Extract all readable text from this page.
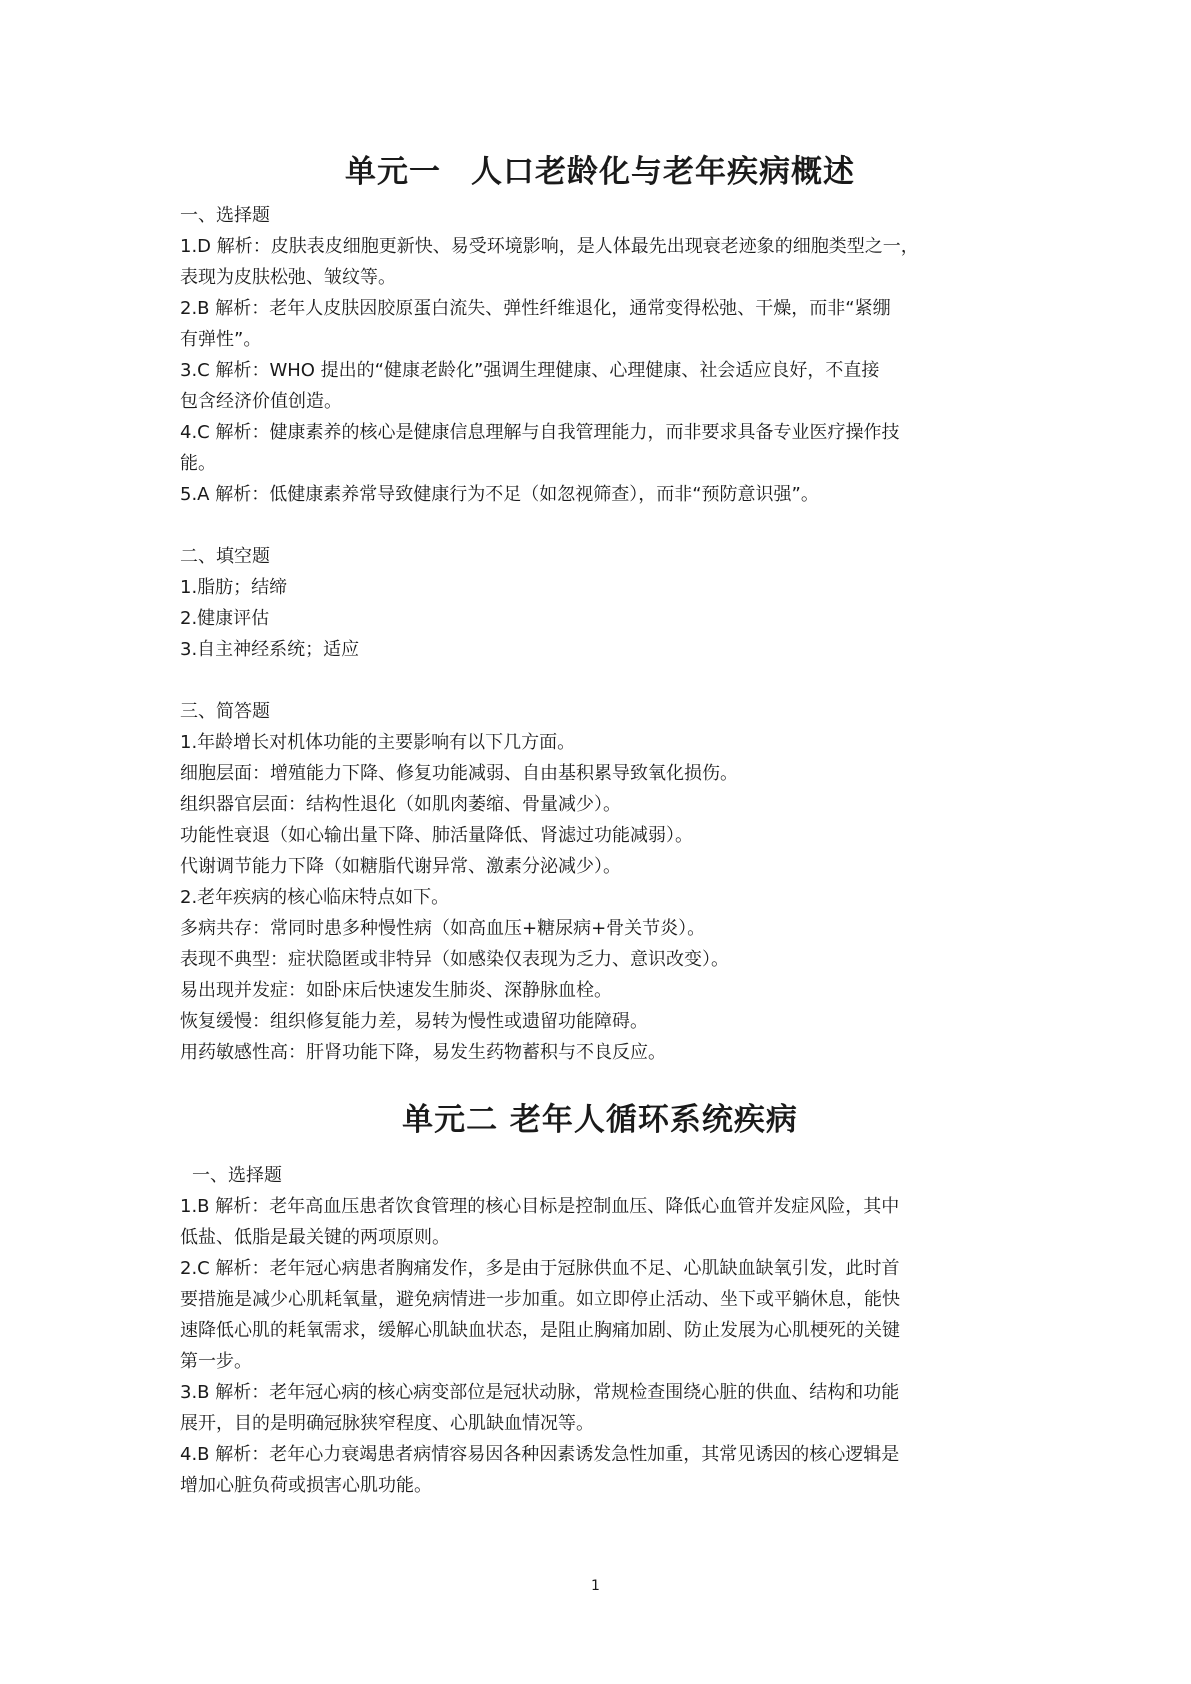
单元一 人口老龄化与老年疾病概述

一、选择题

1.D 解析：皮肤表皮细胞更新快、易受环境影响，是人体最先出现衰老迹象的细胞类型之一，

表现为皮肤松弛、皱纹等。

2.B 解析：老年人皮肤因胶原蛋白流失、弹性纤维退化，通常变得松弛、干燥，而非“紧绷

有弹性”。

3.C 解析：WHO 提出的“健康老龄化”强调生理健康、心理健康、社会适应良好，不直接

包含经济价值创造。

4.C 解析：健康素养的核心是健康信息理解与自我管理能力，而非要求具备专业医疗操作技

能。

5.A 解析：低健康素养常导致健康行为不足（如忽视筛查），而非“预防意识强”。

二、填空题

1.脂肪；结缔

2.健康评估

3.自主神经系统；适应

三、简答题

1.年龄增长对机体功能的主要影响有以下几方面。

细胞层面：增殖能力下降、修复功能减弱、自由基积累导致氧化损伤。

组织器官层面：结构性退化（如肌肉萎缩、骨量减少）。

功能性衰退（如心输出量下降、肺活量降低、肾滤过功能减弱）。

代谢调节能力下降（如糖脂代谢异常、激素分泌减少）。

2.老年疾病的核心临床特点如下。

多病共存：常同时患多种慢性病（如高血压+糖尿病+骨关节炎）。

表现不典型：症状隐匿或非特异（如感染仅表现为乏力、意识改变）。

易出现并发症：如卧床后快速发生肺炎、深静脉血栓。

恢复缓慢：组织修复能力差，易转为慢性或遗留功能障碍。

用药敏感性高：肝肾功能下降，易发生药物蓄积与不良反应。

单元二 老年人循环系统疾病

一、选择题

1.B 解析：老年高血压患者饮食管理的核心目标是控制血压、降低心血管并发症风险，其中

低盐、低脂是最关键的两项原则。

2.C 解析：老年冠心病患者胸痛发作，多是由于冠脉供血不足、心肌缺血缺氧引发，此时首

要措施是减少心肌耗氧量，避免病情进一步加重。如立即停止活动、坐下或平躺休息，能快

速降低心肌的耗氧需求，缓解心肌缺血状态，是阻止胸痛加剧、防止发展为心肌梗死的关键

第一步。

3.B 解析：老年冠心病的核心病变部位是冠状动脉，常规检查围绕心脏的供血、结构和功能

展开，目的是明确冠脉狭窄程度、心肌缺血情况等。

4.B 解析：老年心力衰竭患者病情容易因各种因素诱发急性加重，其常见诱因的核心逻辑是

增加心脏负荷或损害心肌功能。

1
